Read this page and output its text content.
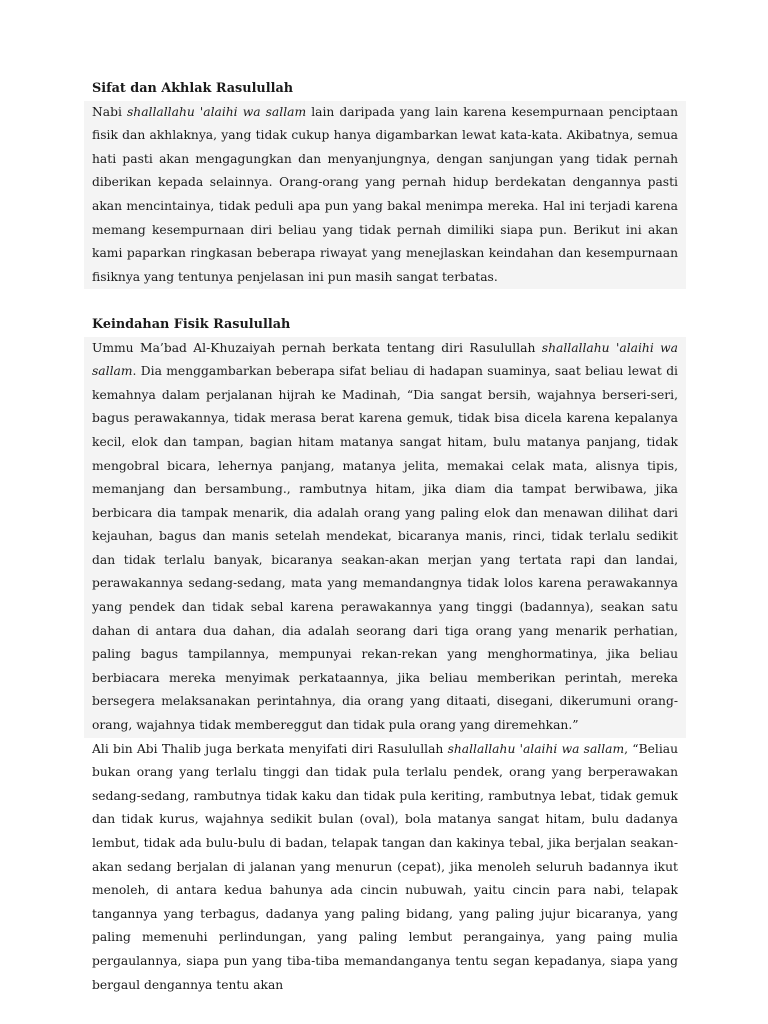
Sifat dan Akhlak Rasulullah

Nabi shallallahu 'alaihi wa sallam lain daripada yang lain karena kesempurnaan penciptaan fisik dan akhlaknya, yang tidak cukup hanya digambarkan lewat kata-kata. Akibatnya, semua hati pasti akan mengagungkan dan menyanjungnya, dengan sanjungan yang tidak pernah diberikan kepada selainnya. Orang-orang yang pernah hidup berdekatan dengannya pasti akan mencintainya, tidak peduli apa pun yang bakal menimpa mereka. Hal ini terjadi karena memang kesempurnaan diri beliau yang tidak pernah dimiliki siapa pun. Berikut ini akan kami paparkan ringkasan beberapa riwayat yang menejlaskan keindahan dan kesempurnaan fisiknya yang tentunya penjelasan ini pun masih sangat terbatas.

Keindahan Fisik Rasulullah

Ummu Ma’bad Al-Khuzaiyah pernah berkata tentang diri Rasulullah shallallahu 'alaihi wa sallam. Dia menggambarkan beberapa sifat beliau di hadapan suaminya, saat beliau lewat di kemahnya dalam perjalanan hijrah ke Madinah, “Dia sangat bersih, wajahnya berseri-seri, bagus perawakannya, tidak merasa berat karena gemuk, tidak bisa dicela karena kepalanya kecil, elok dan tampan, bagian hitam matanya sangat hitam, bulu matanya panjang, tidak mengobral bicara, lehernya panjang, matanya jelita, memakai celak mata, alisnya tipis, memanjang dan bersambung., rambutnya hitam, jika diam dia tampat berwibawa, jika berbicara dia tampak menarik, dia adalah orang yang paling elok dan menawan dilihat dari kejauhan, bagus dan manis setelah mendekat, bicaranya manis, rinci, tidak terlalu sedikit dan tidak terlalu banyak, bicaranya seakan-akan merjan yang tertata rapi dan landai, perawakannya sedang-sedang, mata yang memandangnya tidak lolos karena perawakannya yang pendek dan tidak sebal karena perawakannya yang tinggi (badannya), seakan satu dahan di antara dua dahan, dia adalah seorang dari tiga orang yang menarik perhatian, paling bagus tampilannya, mempunyai rekan-rekan yang menghormatinya, jika beliau berbiacara mereka menyimak perkataannya, jika beliau memberikan perintah, mereka bersegera melaksanakan perintahnya, dia orang yang ditaati, disegani, dikerumuni orang-orang, wajahnya tidak membereggut dan tidak pula orang yang diremehkan.”

Ali bin Abi Thalib juga berkata menyifati diri Rasulullah shallallahu 'alaihi wa sallam, “Beliau bukan orang yang terlalu tinggi dan tidak pula terlalu pendek, orang yang berperawakan sedang-sedang, rambutnya tidak kaku dan tidak pula keriting, rambutnya lebat, tidak gemuk dan tidak kurus, wajahnya sedikit bulan (oval), bola matanya sangat hitam, bulu dadanya lembut, tidak ada bulu-bulu di badan, telapak tangan dan kakinya tebal, jika berjalan seakan-akan sedang berjalan di jalanan yang menurun (cepat), jika menoleh seluruh badannya ikut menoleh, di antara kedua bahunya ada cincin nubuwah, yaitu cincin para nabi, telapak tangannya yang terbagus, dadanya yang paling bidang, yang paling jujur bicaranya, yang paling memenuhi perlindungan, yang paling lembut perangainya, yang paing mulia pergaulannya, siapa pun yang tiba-tiba memandanganya tentu segan kepadanya, siapa yang bergaul dengannya tentu akan
